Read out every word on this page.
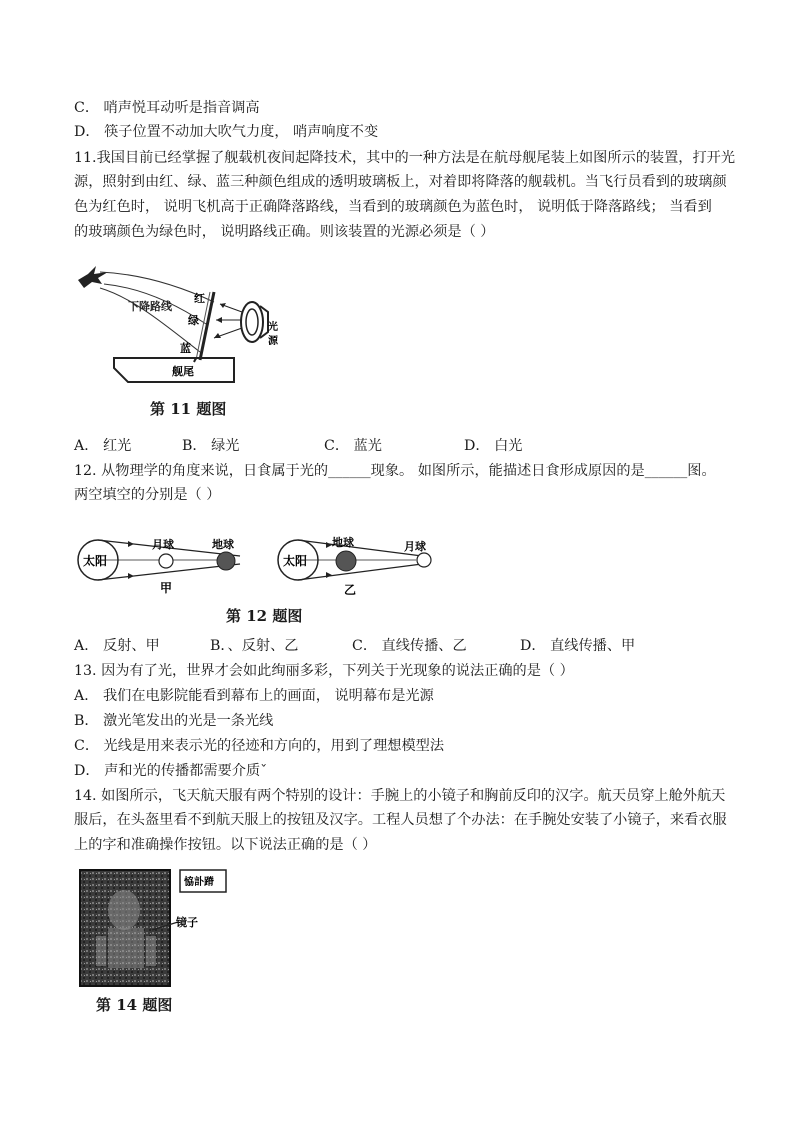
C． 哨声悦耳动听是指音调高
D． 筷子位置不动加大吹气力度， 哨声响度不变
11.我国目前已经掌握了舰载机夜间起降技术，其中的一种方法是在航母舰尾装上如图所示的装置，打开光
源，照射到由红、绿、蓝三种颜色组成的透明玻璃板上，对着即将降落的舰载机。当飞行员看到的玻璃颜
色为红色时， 说明飞机高于正确降落路线，当看到的玻璃颜色为蓝色时， 说明低于降落路线； 当看到
的玻璃颜色为绿色时， 说明路线正确。则该装置的光源必须是（ ）
下降路线
红
绿
蓝
光
源
舰尾
第 11 题图
A． 红光	B． 绿光	C． 蓝光	D． 白光
12. 从物理学的角度来说，日食属于光的______现象。 如图所示，能描述日食形成原因的是______图。
两空填空的分别是（ ）
太阳
月球	地球
甲
太阳
地球	月球
乙
第 12 题图
A． 反射、甲	B．、反射、乙	C． 直线传播、乙	D． 直线传播、甲
13. 因为有了光，世界才会如此绚丽多彩，下列关于光现象的说法正确的是（ ）
A． 我们在电影院能看到幕布上的画面， 说明幕布是光源
B． 激光笔发出的光是一条光线
C． 光线是用来表示光的径迹和方向的，用到了理想模型法
D． 声和光的传播都需要介质ˇ
14. 如图所示，飞天航天服有两个特别的设计：手腕上的小镜子和胸前反印的汉字。航天员穿上舱外航天
服后，在头盔里看不到航天服上的按钮及汉字。工程人员想了个办法：在手腕处安装了小镜子，来看衣服
上的字和准确操作按钮。以下说法正确的是（ ）
恊訃蹐
镜子
第 14 题图
